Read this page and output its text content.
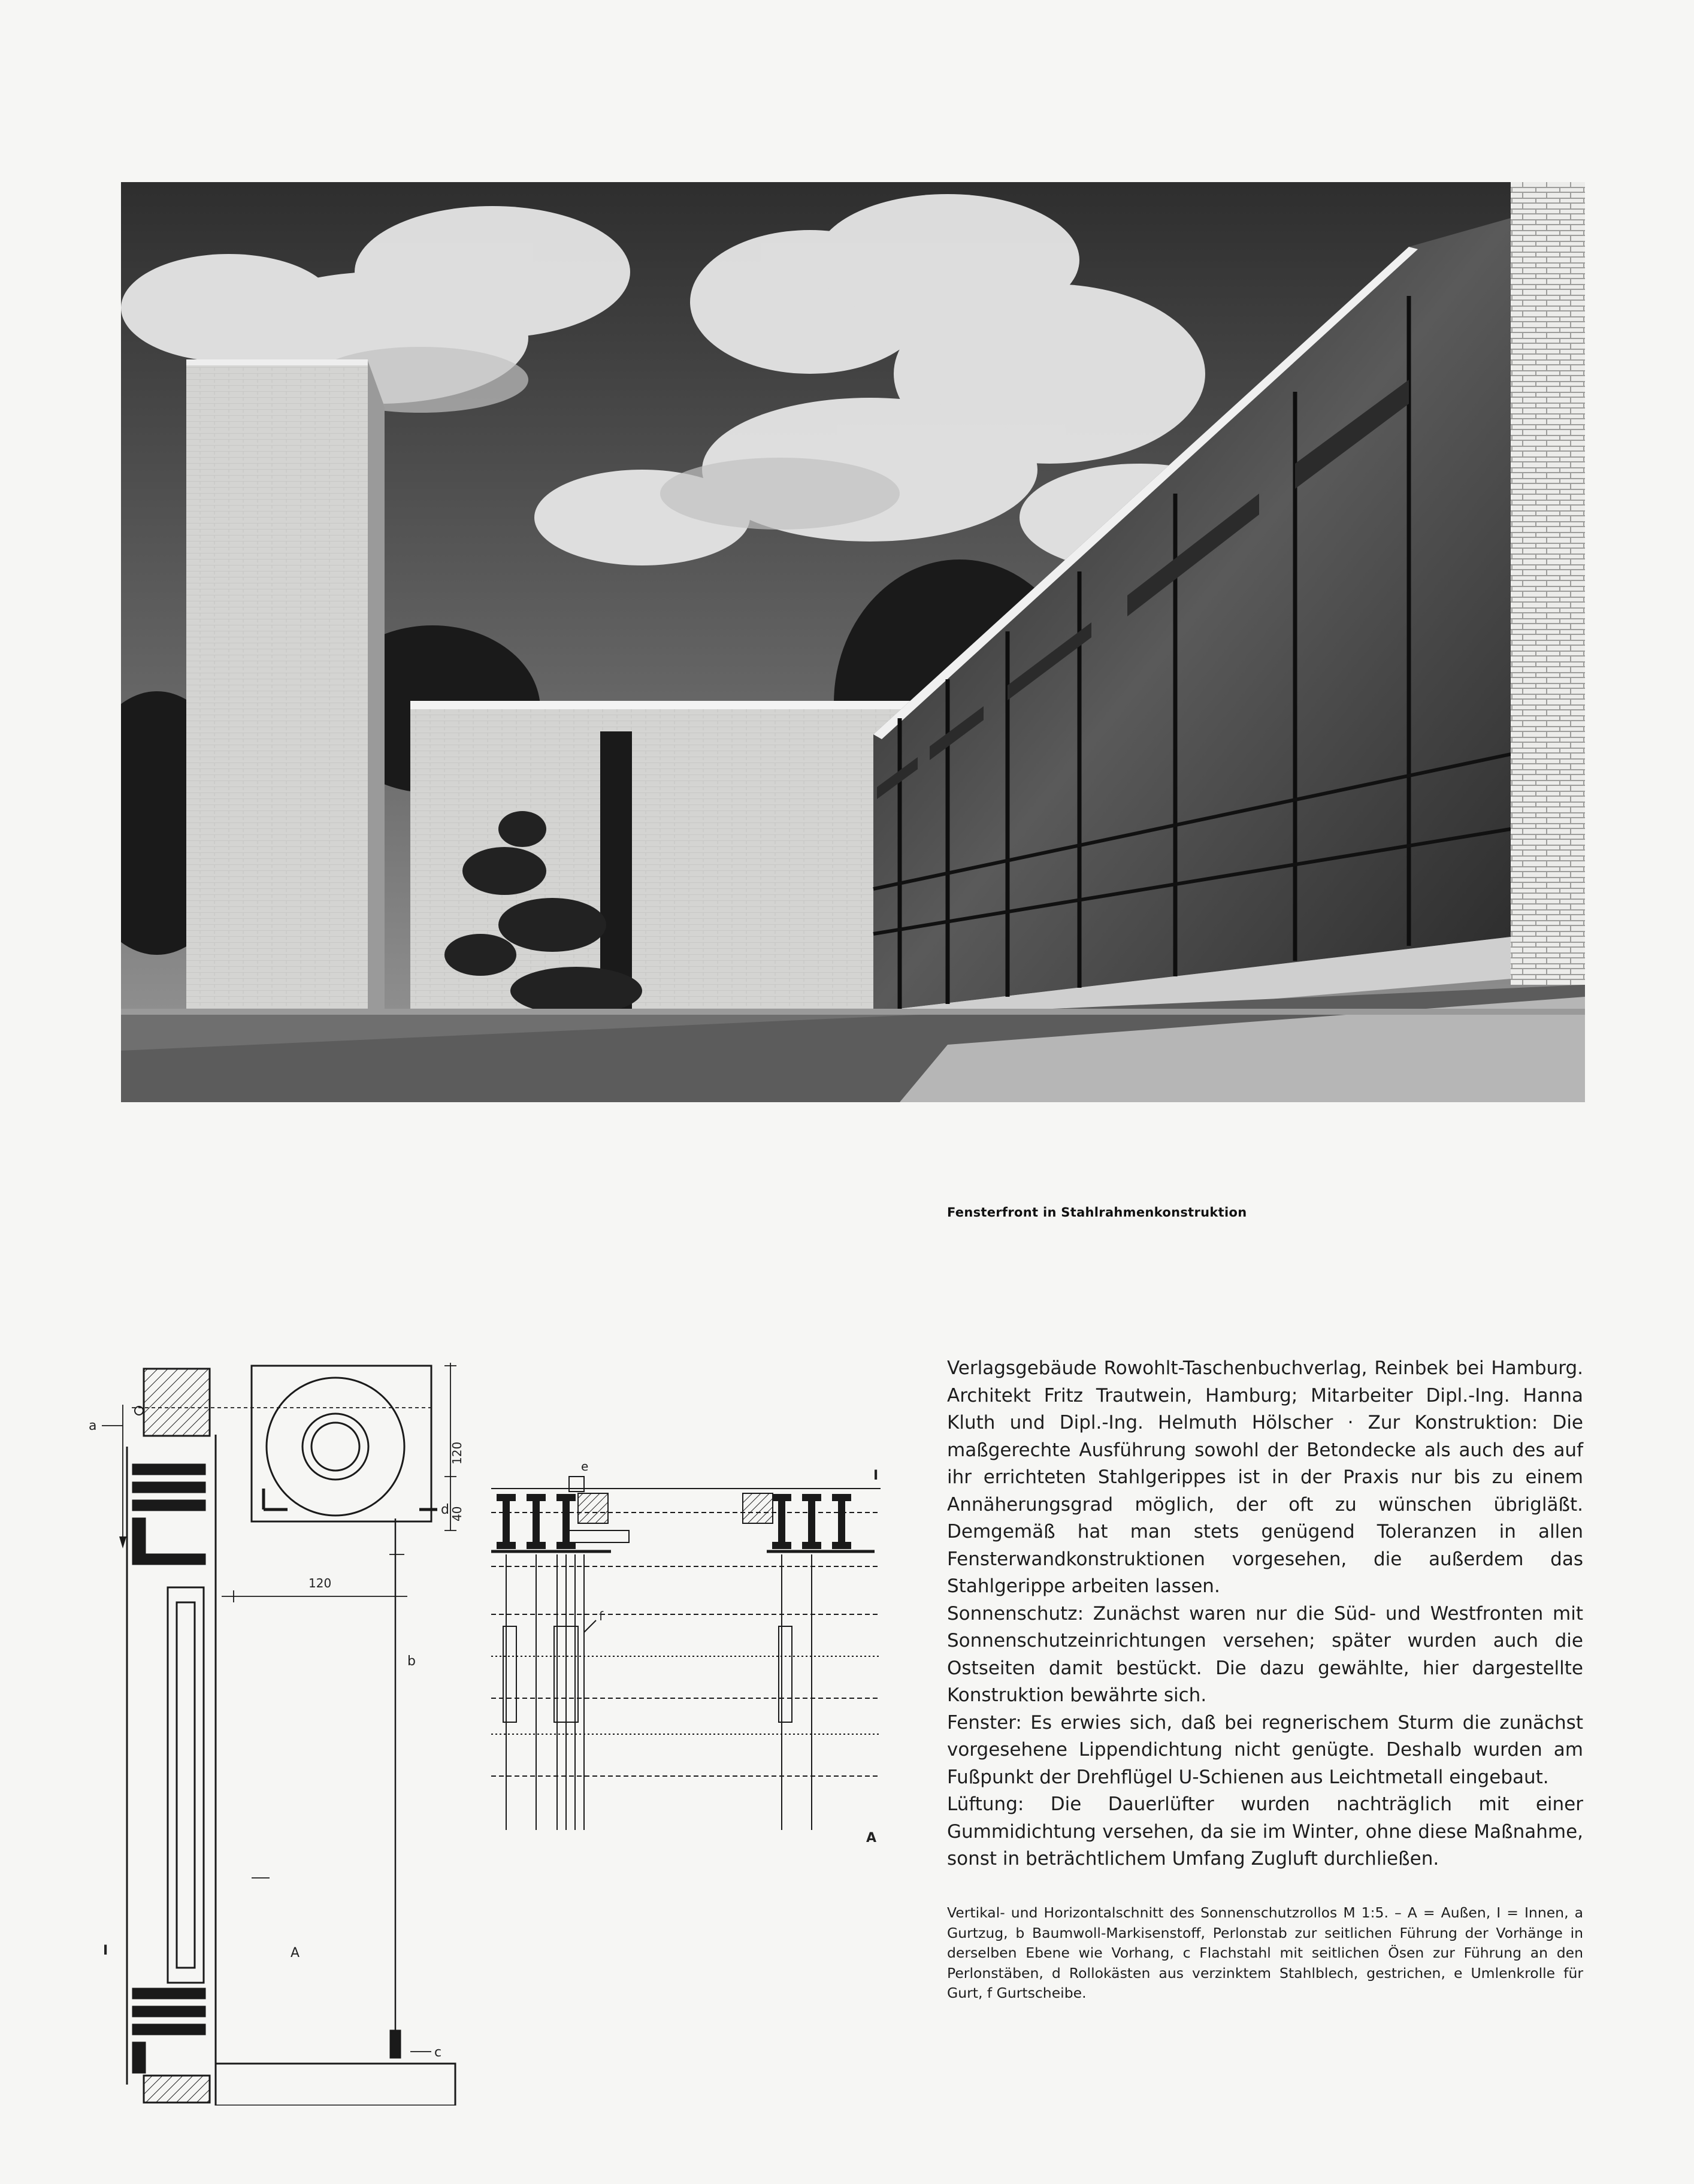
Fensterfront in Stahlrahmenkonstruktion
a
120
d 40
120
b
c
I	A
e
f
I
A

Verlagsgebäude Rowohlt-Taschenbuchverlag, Reinbek bei Hamburg. Architekt Fritz Trautwein, Hamburg; Mitarbeiter Dipl.-Ing. Hanna Kluth und Dipl.-Ing. Helmuth Hölscher · Zur Konstruktion: Die maßgerechte Ausführung sowohl der Betondecke als auch des auf ihr errichteten Stahlgerippes ist in der Praxis nur bis zu einem Annäherungsgrad möglich, der oft zu wünschen übrigläßt. Demgemäß hat man stets genügend Toleranzen in allen Fensterwandkonstruktionen vorgesehen, die außerdem das Stahlgerippe arbeiten lassen.

Sonnenschutz: Zunächst waren nur die Süd- und Westfronten mit Sonnenschutzeinrichtungen versehen; später wurden auch die Ostseiten damit bestückt. Die dazu gewählte, hier dargestellte Konstruktion bewährte sich.

Fenster: Es erwies sich, daß bei regnerischem Sturm die zunächst vorgesehene Lippendichtung nicht genügte. Deshalb wurden am Fußpunkt der Drehflügel U-Schienen aus Leichtmetall eingebaut.

Lüftung: Die Dauerlüfter wurden nachträglich mit einer Gummidichtung versehen, da sie im Winter, ohne diese Maßnahme, sonst in beträchtlichem Umfang Zugluft durchließen.

Vertikal- und Horizontalschnitt des Sonnenschutzrollos M 1:5. – A = Außen, I = Innen, a Gurtzug, b Baumwoll-Markisenstoff, Perlonstab zur seitlichen Führung der Vorhänge in derselben Ebene wie Vorhang, c Flachstahl mit seitlichen Ösen zur Führung an den Perlonstäben, d Rollokästen aus verzinktem Stahlblech, gestrichen, e Umlenkrolle für Gurt, f Gurtscheibe.
